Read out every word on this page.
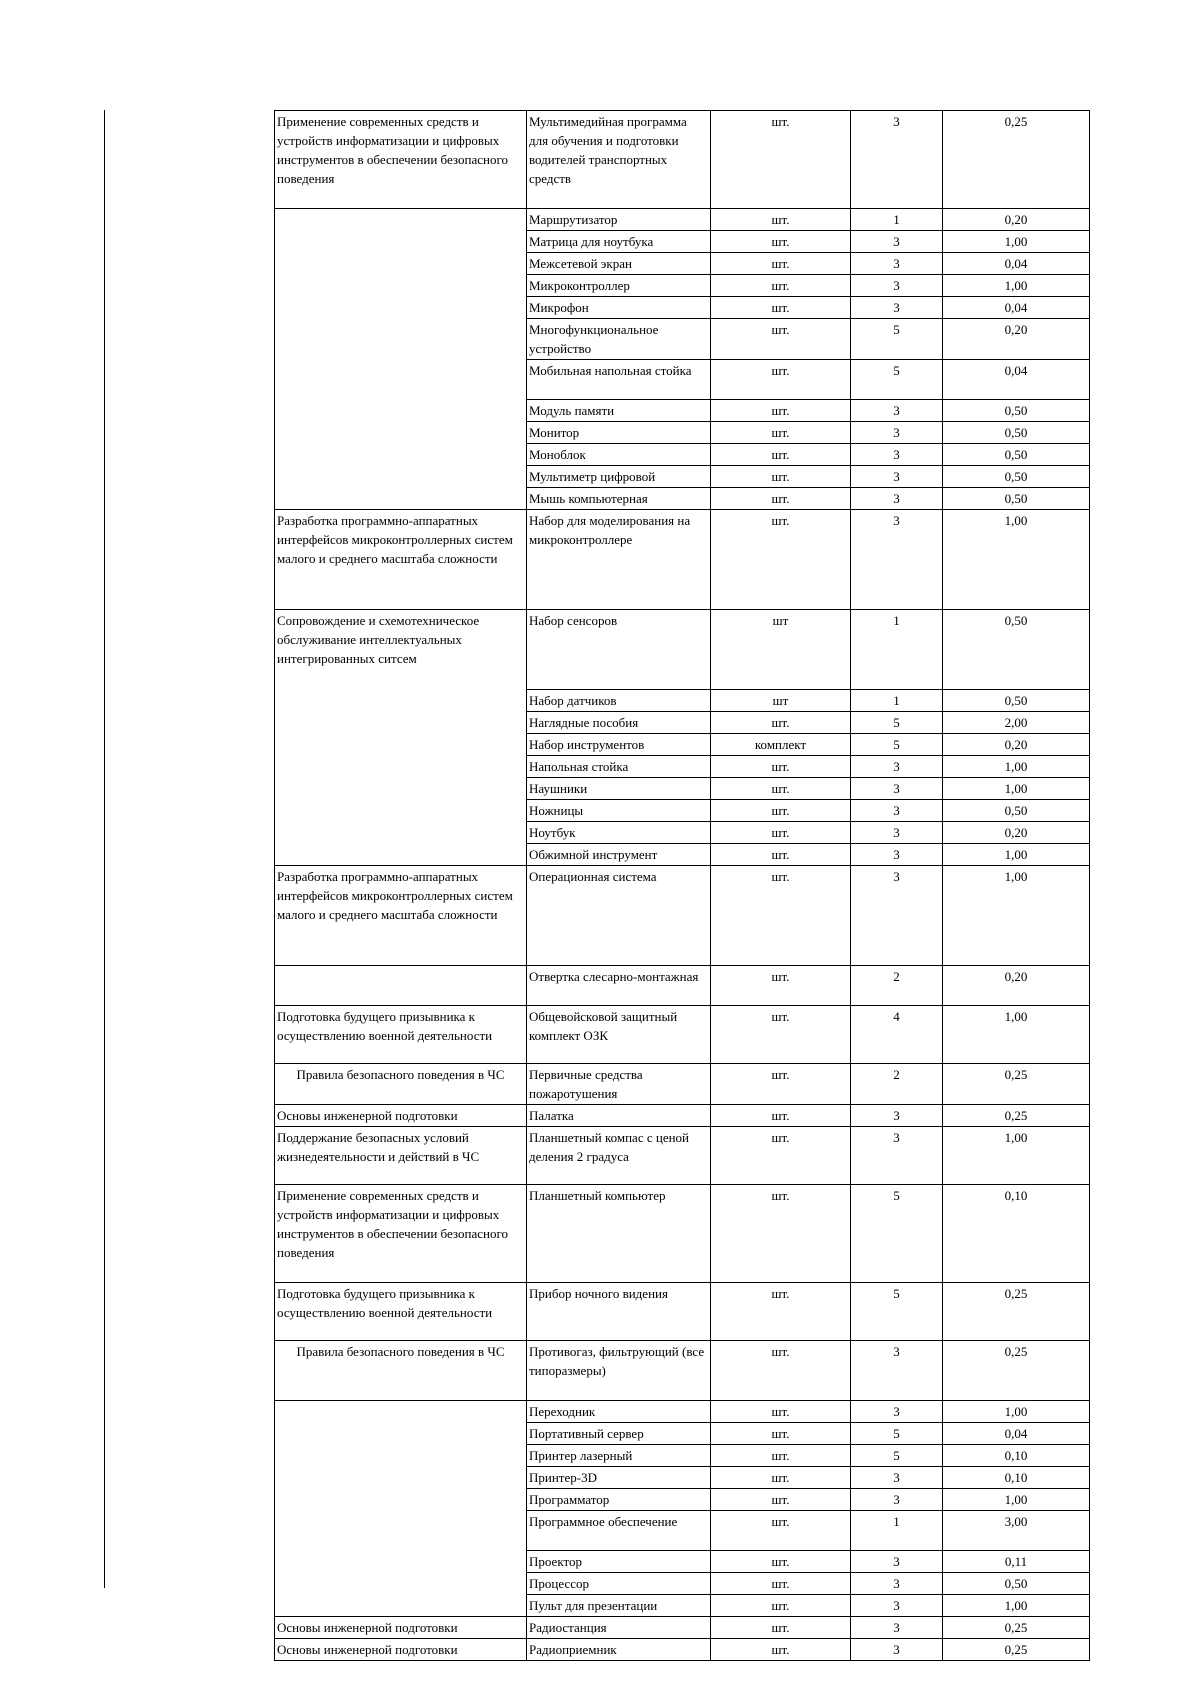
Применение современных средств и устройств информатизации и цифровых инструментов в обеспечении безопасного поведения	Мультимедийная программа для обучения и подготовки водителей транспортных средств	шт.	3	0,25
	Маршрутизатор	шт.	1	0,20
	Матрица для ноутбука	шт.	3	1,00
	Межсетевой экран	шт.	3	0,04
	Микроконтроллер	шт.	3	1,00
	Микрофон	шт.	3	0,04
	Многофункциональное устройство	шт.	5	0,20
	Мобильная напольная стойка	шт.	5	0,04
	Модуль памяти	шт.	3	0,50
	Монитор	шт.	3	0,50
	Моноблок	шт.	3	0,50
	Мультиметр цифровой	шт.	3	0,50
	Мышь компьютерная	шт.	3	0,50
Разработка программно-аппаратных интерфейсов микроконтроллерных систем малого и среднего масштаба сложности	Набор для моделирования на микроконтроллере	шт.	3	1,00
Сопровождение и схемотехническое обслуживание интеллектуальных интегрированных ситсем	Набор сенсоров	шт	1	0,50
	Набор датчиков	шт	1	0,50
	Наглядные пособия	шт.	5	2,00
	Набор инструментов	комплект	5	0,20
	Напольная стойка	шт.	3	1,00
	Наушники	шт.	3	1,00
	Ножницы	шт.	3	0,50
	Ноутбук	шт.	3	0,20
	Обжимной инструмент	шт.	3	1,00
Разработка программно-аппаратных интерфейсов микроконтроллерных систем малого и среднего масштаба сложности	Операционная система	шт.	3	1,00
	Отвертка слесарно-монтажная	шт.	2	0,20
Подготовка будущего призывника к осуществлению военной деятельности	Общевойсковой защитный комплект ОЗК	шт.	4	1,00
Правила безопасного поведения в ЧС	Первичные средства пожаротушения	шт.	2	0,25
Основы инженерной подготовки	Палатка	шт.	3	0,25
Поддержание безопасных условий жизнедеятельности и действий в ЧС	Планшетный компас с ценой деления 2 градуса	шт.	3	1,00
Применение современных средств и устройств информатизации и цифровых инструментов в обеспечении безопасного поведения	Планшетный компьютер	шт.	5	0,10
Подготовка будущего призывника к осуществлению военной деятельности	Прибор ночного видения	шт.	5	0,25
Правила безопасного поведения в ЧС	Противогаз, фильтрующий (все типоразмеры)	шт.	3	0,25
	Переходник	шт.	3	1,00
	Портативный сервер	шт.	5	0,04
	Принтер лазерный	шт.	5	0,10
	Принтер-3D	шт.	3	0,10
	Программатор	шт.	3	1,00
	Программное обеспечение	шт.	1	3,00
	Проектор	шт.	3	0,11
	Процессор	шт.	3	0,50
	Пульт для презентации	шт.	3	1,00
Основы инженерной подготовки	Радиостанция	шт.	3	0,25
Основы инженерной подготовки	Радиоприемник	шт.	3	0,25
